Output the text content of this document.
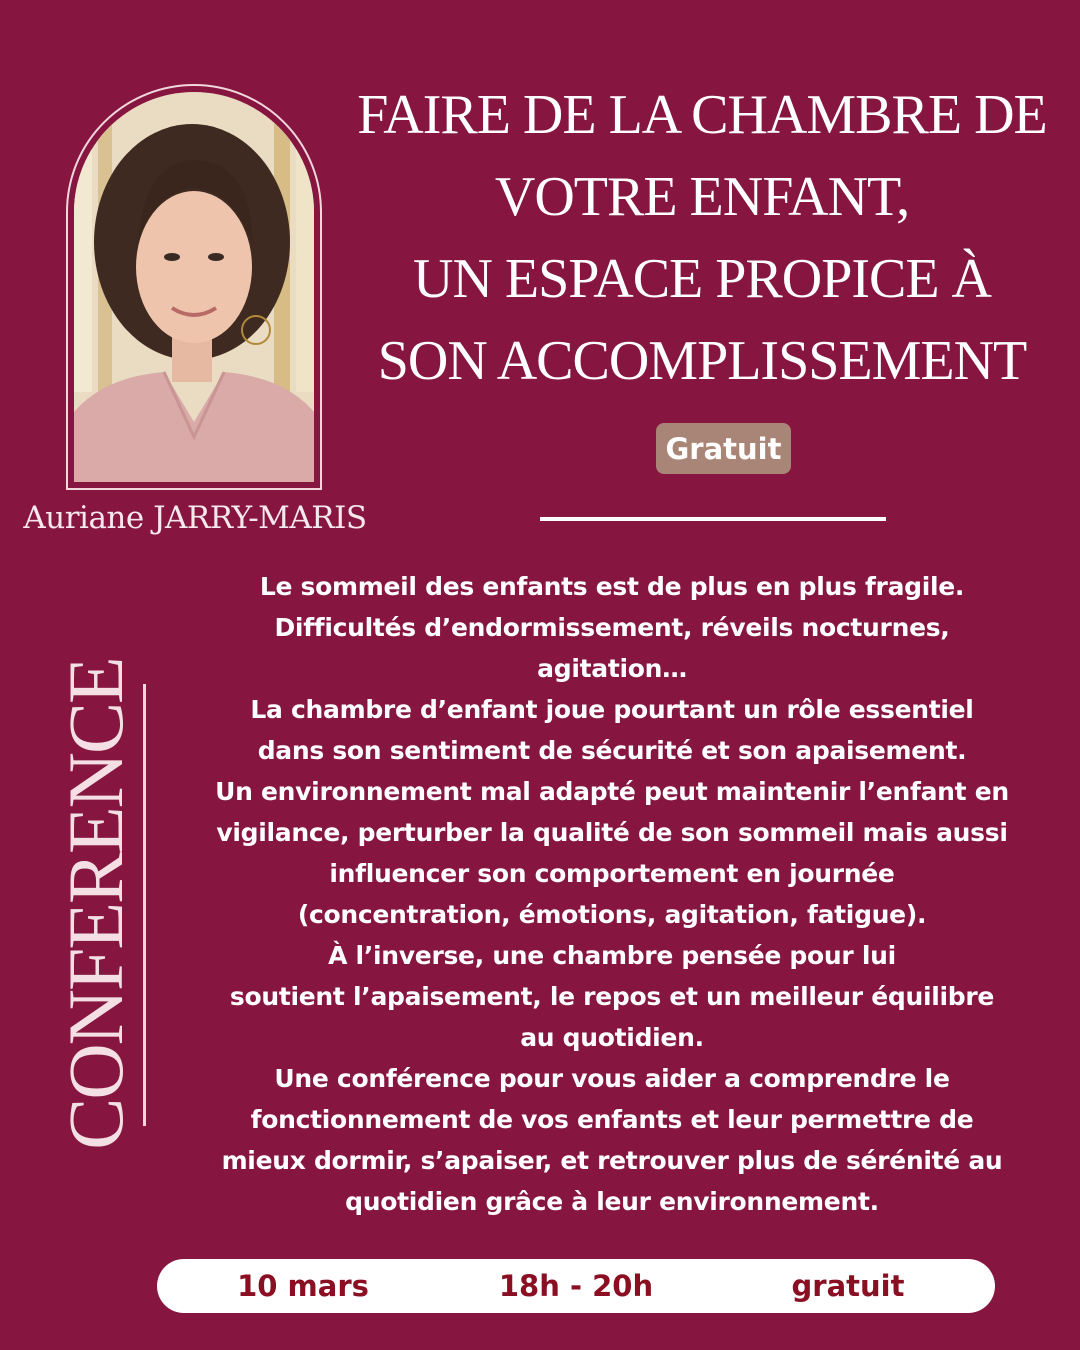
Auriane JARRY-MARIS
FAIRE DE LA CHAMBRE DE
VOTRE ENFANT,
UN ESPACE PROPICE À
SON ACCOMPLISSEMENT
Gratuit
CONFERENCE
Le sommeil des enfants est de plus en plus fragile.
Difficultés d’endormissement, réveils nocturnes,
agitation…
La chambre d’enfant joue pourtant un rôle essentiel
dans son sentiment de sécurité et son apaisement.
Un environnement mal adapté peut maintenir l’enfant en
vigilance, perturber la qualité de son sommeil mais aussi
influencer son comportement en journée
(concentration, émotions, agitation, fatigue).
À l’inverse, une chambre pensée pour lui
soutient l’apaisement, le repos et un meilleur équilibre
au quotidien.
Une conférence pour vous aider a comprendre le
fonctionnement de vos enfants et leur permettre de
mieux dormir, s’apaiser, et retrouver plus de sérénité au
quotidien grâce à leur environnement.
10 mars	18h - 20h	gratuit
